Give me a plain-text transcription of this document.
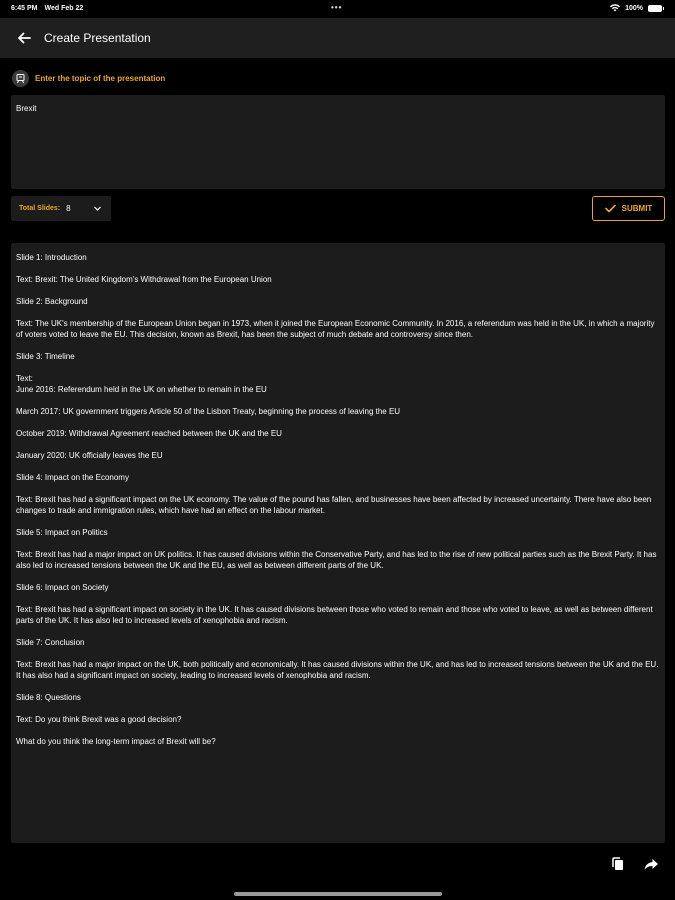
6:45 PM Wed Feb 22	•••	100%
Create Presentation
Enter the topic of the presentation
Brexit
Total Slides: 8	SUBMIT

Slide 1: Introduction

Text: Brexit: The United Kingdom's Withdrawal from the European Union

Slide 2: Background

Text: The UK's membership of the European Union began in 1973, when it joined the European Economic Community. In 2016, a referendum was held in the UK, in which a majority of voters voted to leave the EU. This decision, known as Brexit, has been the subject of much debate and controversy since then.

Slide 3: Timeline

Text:
June 2016: Referendum held in the UK on whether to remain in the EU

March 2017: UK government triggers Article 50 of the Lisbon Treaty, beginning the process of leaving the EU

October 2019: Withdrawal Agreement reached between the UK and the EU

January 2020: UK officially leaves the EU

Slide 4: Impact on the Economy

Text: Brexit has had a significant impact on the UK economy. The value of the pound has fallen, and businesses have been affected by increased uncertainty. There have also been changes to trade and immigration rules, which have had an effect on the labour market.

Slide 5: Impact on Politics

Text: Brexit has had a major impact on UK politics. It has caused divisions within the Conservative Party, and has led to the rise of new political parties such as the Brexit Party. It has also led to increased tensions between the UK and the EU, as well as between different parts of the UK.

Slide 6: Impact on Society

Text: Brexit has had a significant impact on society in the UK. It has caused divisions between those who voted to remain and those who voted to leave, as well as between different parts of the UK. It has also led to increased levels of xenophobia and racism.

Slide 7: Conclusion

Text: Brexit has had a major impact on the UK, both politically and economically. It has caused divisions within the UK, and has led to increased tensions between the UK and the EU. It has also had a significant impact on society, leading to increased levels of xenophobia and racism.

Slide 8: Questions

Text: Do you think Brexit was a good decision?

What do you think the long-term impact of Brexit will be?
